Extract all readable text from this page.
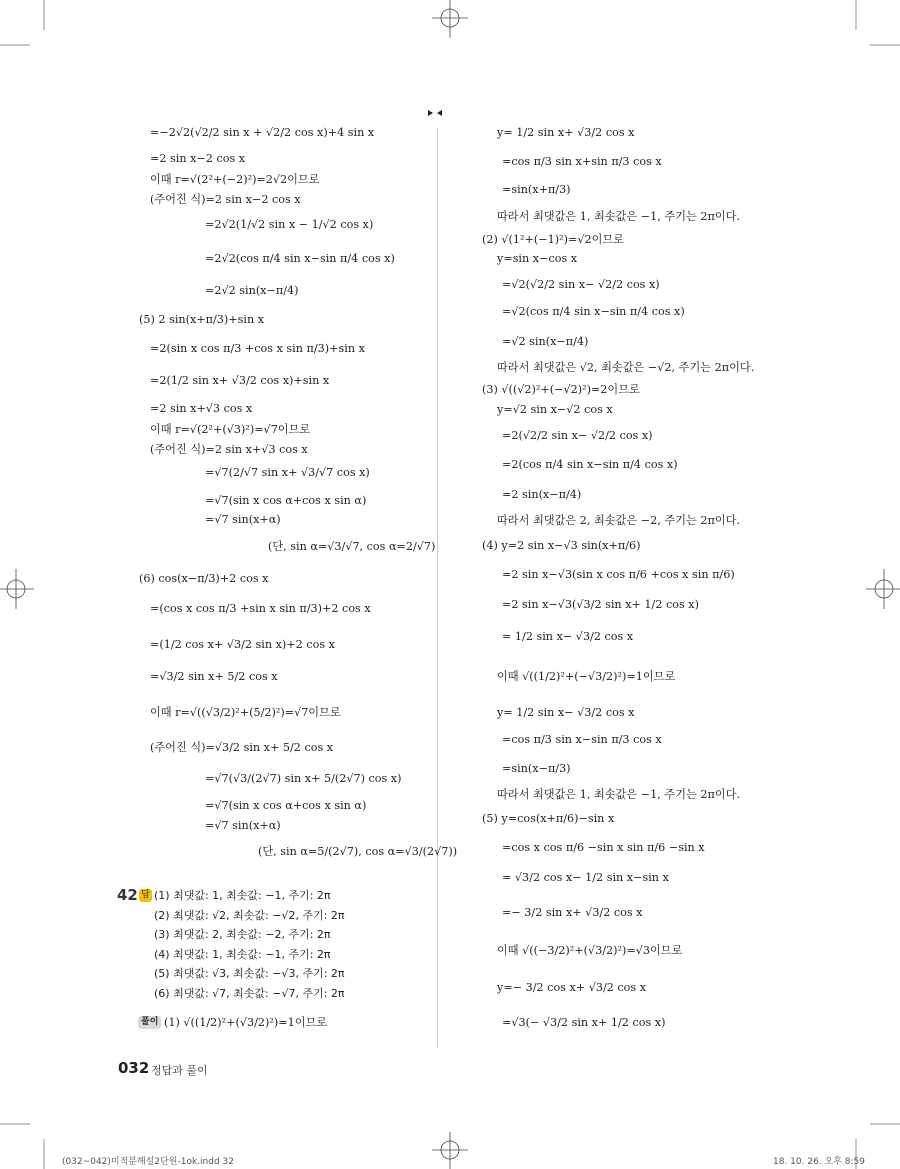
=−2√2(√2/2 sin x + √2/2 cos x)+4 sin x
=2 sin x−2 cos x
이때 r=√(2²+(−2)²)=2√2이므로
(주어진 식)=2 sin x−2 cos x
=2√2(1/√2 sin x − 1/√2 cos x)
=2√2(cos π/4 sin x−sin π/4 cos x)
=2√2 sin(x−π/4)
(5) 2 sin(x+π/3)+sin x
=2(sin x cos π/3 +cos x sin π/3)+sin x
=2(1/2 sin x+ √3/2 cos x)+sin x
=2 sin x+√3 cos x
이때 r=√(2²+(√3)²)=√7이므로
(주어진 식)=2 sin x+√3 cos x
=√7(2/√7 sin x+ √3/√7 cos x)
=√7(sin x cos α+cos x sin α)
=√7 sin(x+α)
(단, sin α=√3/√7, cos α=2/√7)
(6) cos(x−π/3)+2 cos x
=(cos x cos π/3 +sin x sin π/3)+2 cos x
=(1/2 cos x+ √3/2 sin x)+2 cos x
=√3/2 sin x+ 5/2 cos x
이때 r=√((√3/2)²+(5/2)²)=√7이므로
(주어진 식)=√3/2 sin x+ 5/2 cos x
=√7(√3/(2√7) sin x+ 5/(2√7) cos x)
=√7(sin x cos α+cos x sin α)
=√7 sin(x+α)
(단, sin α=5/(2√7), cos α=√3/(2√7))
42 답 (1) 최댓값: 1, 최솟값: −1, 주기: 2π
(2) 최댓값: √2, 최솟값: −√2, 주기: 2π
(3) 최댓값: 2, 최솟값: −2, 주기: 2π
(4) 최댓값: 1, 최솟값: −1, 주기: 2π
(5) 최댓값: √3, 최솟값: −√3, 주기: 2π
(6) 최댓값: √7, 최솟값: −√7, 주기: 2π
풀이 (1) √((1/2)²+(√3/2)²)=1이므로
y= 1/2 sin x+ √3/2 cos x
=cos π/3 sin x+sin π/3 cos x
=sin(x+π/3)
따라서 최댓값은 1, 최솟값은 −1, 주기는 2π이다.
(2) √(1²+(−1)²)=√2이므로
y=sin x−cos x
=√2(√2/2 sin x− √2/2 cos x)
=√2(cos π/4 sin x−sin π/4 cos x)
=√2 sin(x−π/4)
따라서 최댓값은 √2, 최솟값은 −√2, 주기는 2π이다.
(3) √((√2)²+(−√2)²)=2이므로
y=√2 sin x−√2 cos x
=2(√2/2 sin x− √2/2 cos x)
=2(cos π/4 sin x−sin π/4 cos x)
=2 sin(x−π/4)
따라서 최댓값은 2, 최솟값은 −2, 주기는 2π이다.
(4) y=2 sin x−√3 sin(x+π/6)
=2 sin x−√3(sin x cos π/6 +cos x sin π/6)
=2 sin x−√3(√3/2 sin x+ 1/2 cos x)
= 1/2 sin x− √3/2 cos x
이때 √((1/2)²+(−√3/2)²)=1이므로
y= 1/2 sin x− √3/2 cos x
=cos π/3 sin x−sin π/3 cos x
=sin(x−π/3)
따라서 최댓값은 1, 최솟값은 −1, 주기는 2π이다.
(5) y=cos(x+π/6)−sin x
=cos x cos π/6 −sin x sin π/6 −sin x
= √3/2 cos x− 1/2 sin x−sin x
=− 3/2 sin x+ √3/2 cos x
이때 √((−3/2)²+(√3/2)²)=√3이므로
y=− 3/2 cos x+ √3/2 cos x
=√3(− √3/2 sin x+ 1/2 cos x)
032 정답과 풀이
(032~042)미적분해설2단원-1ok.indd 32	18. 10. 26. 오후 8:59
